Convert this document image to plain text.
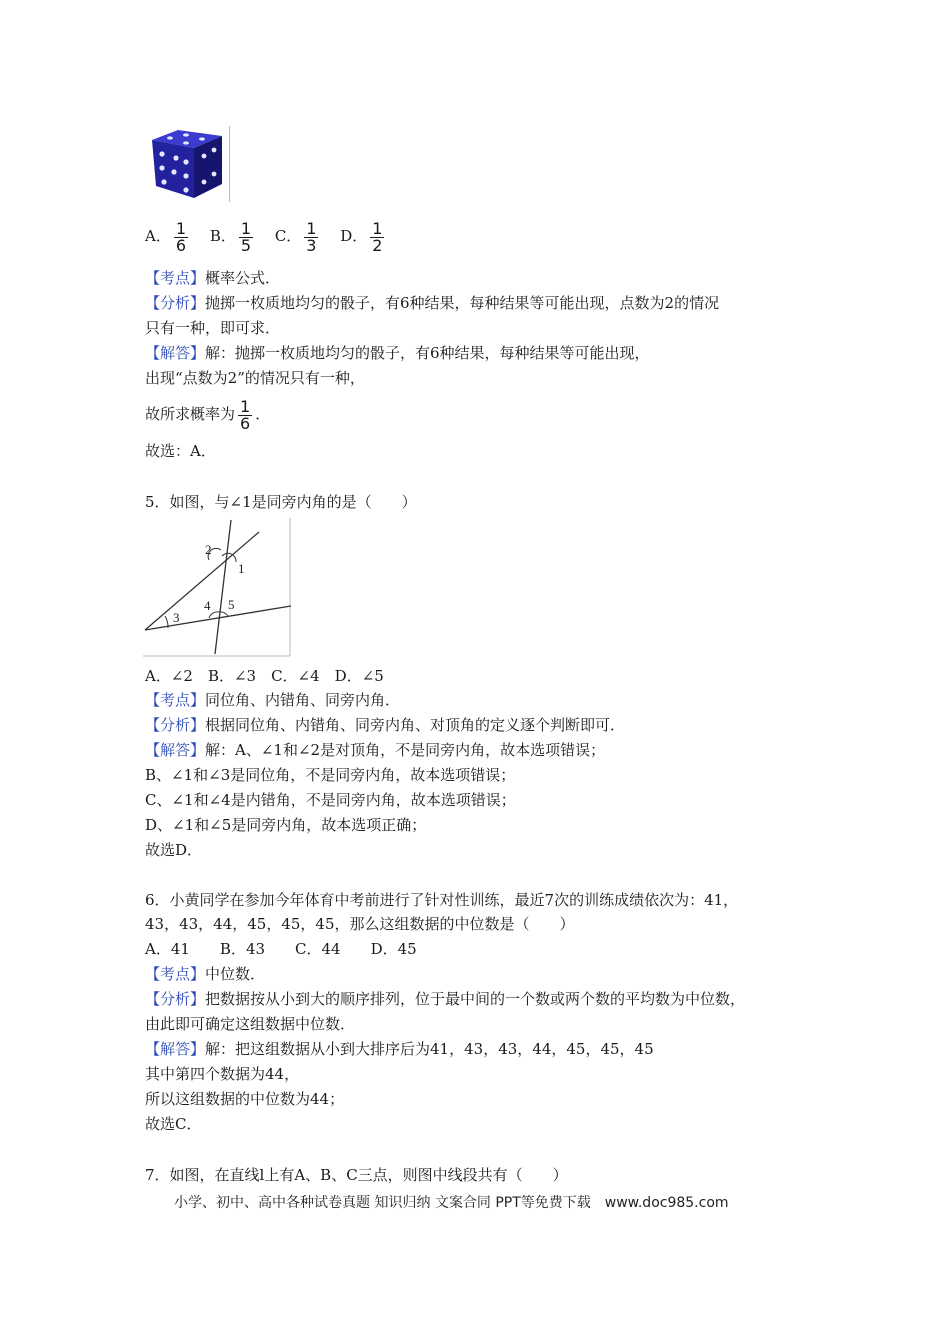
A． $\frac{1}{6}$ B． $\frac{1}{5}$ C． $\frac{1}{3}$ D． $\frac{1}{2}$
【考点】概率公式．
【分析】抛掷一枚质地均匀的骰子，有6种结果，每种结果等可能出现，点数为2的情况
只有一种，即可求．
【解答】解：抛掷一枚质地均匀的骰子，有6种结果，每种结果等可能出现，
出现“点数为2”的情况只有一种，
故所求概率为 $\frac{1}{6}$ ．
故选：A．
5．如图，与∠1是同旁内角的是（　　）
1
2
3
4 5
A．∠2　B．∠3　C．∠4　D．∠5
【考点】同位角、内错角、同旁内角．
【分析】根据同位角、内错角、同旁内角、对顶角的定义逐个判断即可．
【解答】解：A、∠1和∠2是对顶角，不是同旁内角，故本选项错误；
B、∠1和∠3是同位角，不是同旁内角，故本选项错误；
C、∠1和∠4是内错角，不是同旁内角，故本选项错误；
D、∠1和∠5是同旁内角，故本选项正确；
故选D．
6．小黄同学在参加今年体育中考前进行了针对性训练，最近7次的训练成绩依次为：41，
43，43，44，45，45，45，那么这组数据的中位数是（　　）
A．41　　B．43　　C．44　　D．45
【考点】中位数．
【分析】把数据按从小到大的顺序排列，位于最中间的一个数或两个数的平均数为中位数，
由此即可确定这组数据中位数．
【解答】解：把这组数据从小到大排序后为41，43，43，44，45，45，45
其中第四个数据为44，
所以这组数据的中位数为44；
故选C．
7．如图，在直线l上有A、B、C三点，则图中线段共有（　　）
小学、初中、高中各种试卷真题 知识归纳 文案合同 PPT等免费下载　www.doc985.com
